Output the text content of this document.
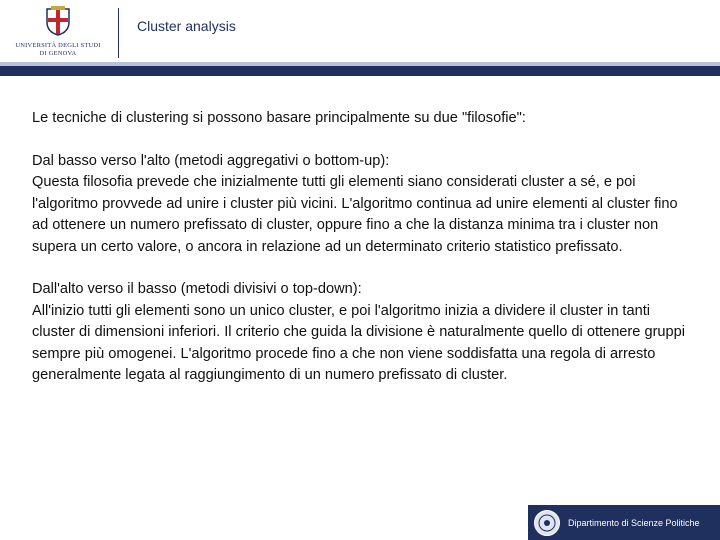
UNIVERSITÀ DEGLI STUDI
DI GENOVA
Cluster analysis

Le tecniche di clustering si possono basare principalmente su due "filosofie":

Dal basso verso l'alto (metodi aggregativi o bottom-up):

Questa filosofia prevede che inizialmente tutti gli elementi siano considerati cluster a sé, e poi l'algoritmo provvede ad unire i cluster più vicini. L'algoritmo continua ad unire elementi al cluster fino ad ottenere un numero prefissato di cluster, oppure fino a che la distanza minima tra i cluster non supera un certo valore, o ancora in relazione ad un determinato criterio statistico prefissato.

Dall'alto verso il basso (metodi divisivi o top-down):

All'inizio tutti gli elementi sono un unico cluster, e poi l'algoritmo inizia a dividere il cluster in tanti cluster di dimensioni inferiori. Il criterio che guida la divisione è naturalmente quello di ottenere gruppi sempre più omogenei. L'algoritmo procede fino a che non viene soddisfatta una regola di arresto generalmente legata al raggiungimento di un numero prefissato di cluster.

Dipartimento di Scienze Politiche
